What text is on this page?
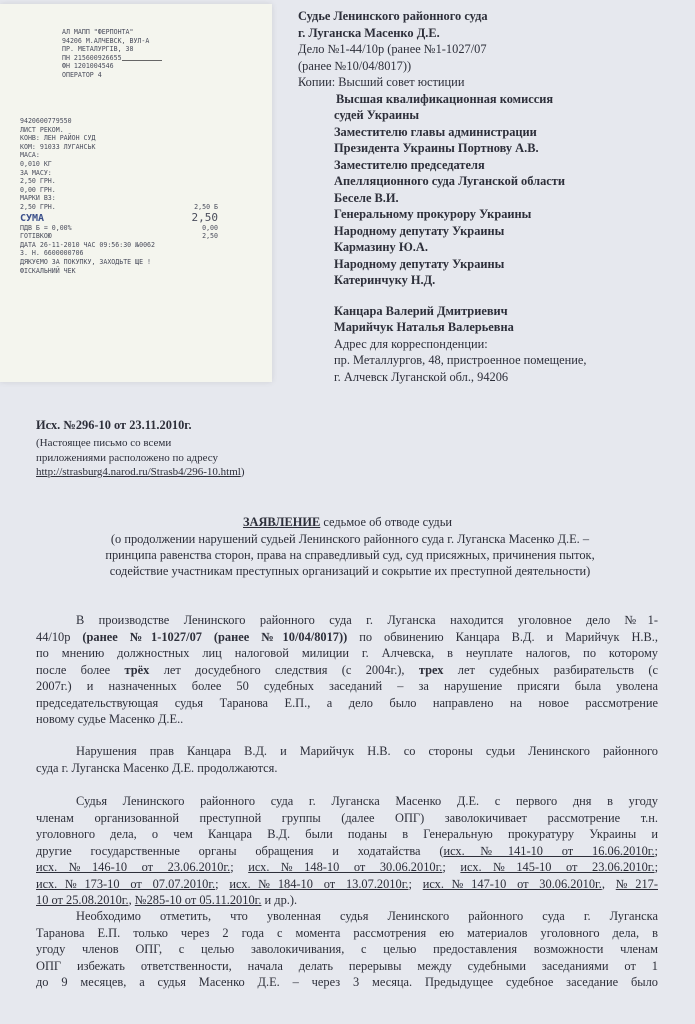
АЛ МАПП "ФЕРПОНТА"
94206 М.АЛЧЕВСК, ВУЛ-А
ПР. МЕТАЛУРГІВ, 38
ПН 215600926655
ФН 1201004546
ОПЕРАТОР 4
9420600779550
ЛИСТ РЕКОМ.
КОНВ: ЛЕН РАЙОН СУД
КОМ: 91033 ЛУГАНСЬК
МАСА:
0,010 КГ
ЗА МАСУ:
2,50 ГРН.
0,00 ГРН.
МАРКИ ВЗ:
2,50 ГРН.	2,50 Б
СУМА	2,50
ПДВ Б = 0,00%	0,00
ГОТІВКОЮ	2,50
ДАТА 26-11-2010 ЧАС 09:56:30 №0062
З. Н. 6600000706
ДЯКУЄМО ЗА ПОКУПКУ, ЗАХОДЬТЕ ЩЕ !
ФІСКАЛЬНИЙ ЧЕК
Судье Ленинского районного суда
г. Луганска Масенко Д.Е.
Дело №1-44/10р (ранее №1-1027/07
(ранее №10/04/8017))
Копии: Высший совет юстиции
Высшая квалификационная комиссия
судей Украины
Заместителю главы администрации
Президента Украины Портнову А.В.
Заместителю председателя
Апелляционного суда Луганской области
Беселе В.И.
Генеральному прокурору Украины
Народному депутату Украины
Кармазину Ю.А.
Народному депутату Украины
Катеринчуку Н.Д.
Канцара Валерий Дмитриевич
Марийчук Наталья Валерьевна
Адрес для корреспонденции:
пр. Металлургов, 48, пристроенное помещение,
г. Алчевск Луганской обл., 94206
Исх. №296-10 от 23.11.2010г.
(Настоящее письмо со всеми
приложениями расположено по адресу
http://strasburg4.narod.ru/Strasb4/296-10.html)
ЗАЯВЛЕНИЕ седьмое об отводе судьи
(о продолжении нарушений судьей Ленинского районного суда г. Луганска Масенко Д.Е. –
принципа равенства сторон, права на справедливый суд, суд присяжных, причинения пыток,
содействие участникам преступных организаций и сокрытие их преступной деятельности)
В производстве Ленинского районного суда г. Луганска находится уголовное дело №1-
44/10р (ранее №1-1027/07 (ранее №10/04/8017)) по обвинению Канцара В.Д. и Марийчук Н.В.,
по мнению должностных лиц налоговой милиции г. Алчевска, в неуплате налогов, по которому
после более трёх лет досудебного следствия (с 2004г.), трех лет судебных разбирательств (с
2007г.) и назначенных более 50 судебных заседаний – за нарушение присяги была уволена
председательствующая судья Таранова Е.П., а дело было направлено на новое рассмотрение
новому судье Масенко Д.Е..
Нарушения прав Канцара В.Д. и Марийчук Н.В. со стороны судьи Ленинского районного
суда г. Луганска Масенко Д.Е. продолжаются.
Судья Ленинского районного суда г. Луганска Масенко Д.Е. с первого дня в угоду
членам организованной преступной группы (далее ОПГ) заволокичивает рассмотрение т.н.
уголовного дела, о чем Канцара В.Д. были поданы в Генеральную прокуратуру Украины и
другие государственные органы обращения и ходатайства (исх.№141-10 от 16.06.2010г.;
исх.№146-10 от 23.06.2010г.; исх.№148-10 от 30.06.2010г.; исх.№145-10 от 23.06.2010г.;
исх.№173-10 от 07.07.2010г.; исх.№184-10 от 13.07.2010г.; исх.№147-10 от 30.06.2010г., №217-
10 от 25.08.2010г., №285-10 от 05.11.2010г. и др.).
Необходимо отметить, что уволенная судья Ленинского районного суда г. Луганска
Таранова Е.П. только через 2 года с момента рассмотрения ею материалов уголовного дела, в
угоду членов ОПГ, с целью заволокичивания, с целью предоставления возможности членам
ОПГ избежать ответственности, начала делать перерывы между судебными заседаниями от 1
до 9 месяцев, а судья Масенко Д.Е. – через 3 месяца. Предыдущее судебное заседание было
